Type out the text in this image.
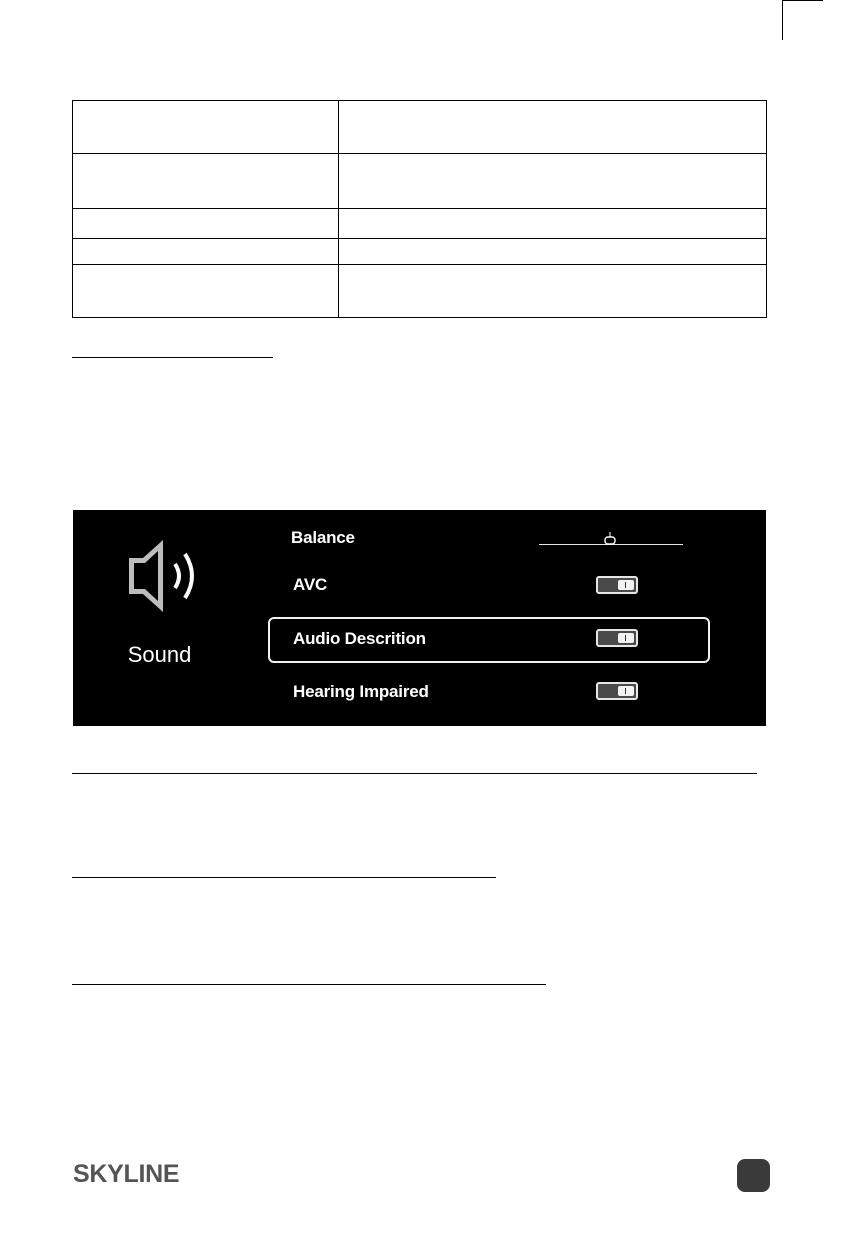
Sound
Balance
AVC
Audio Descrition
Hearing Impaired
SKYLINE
